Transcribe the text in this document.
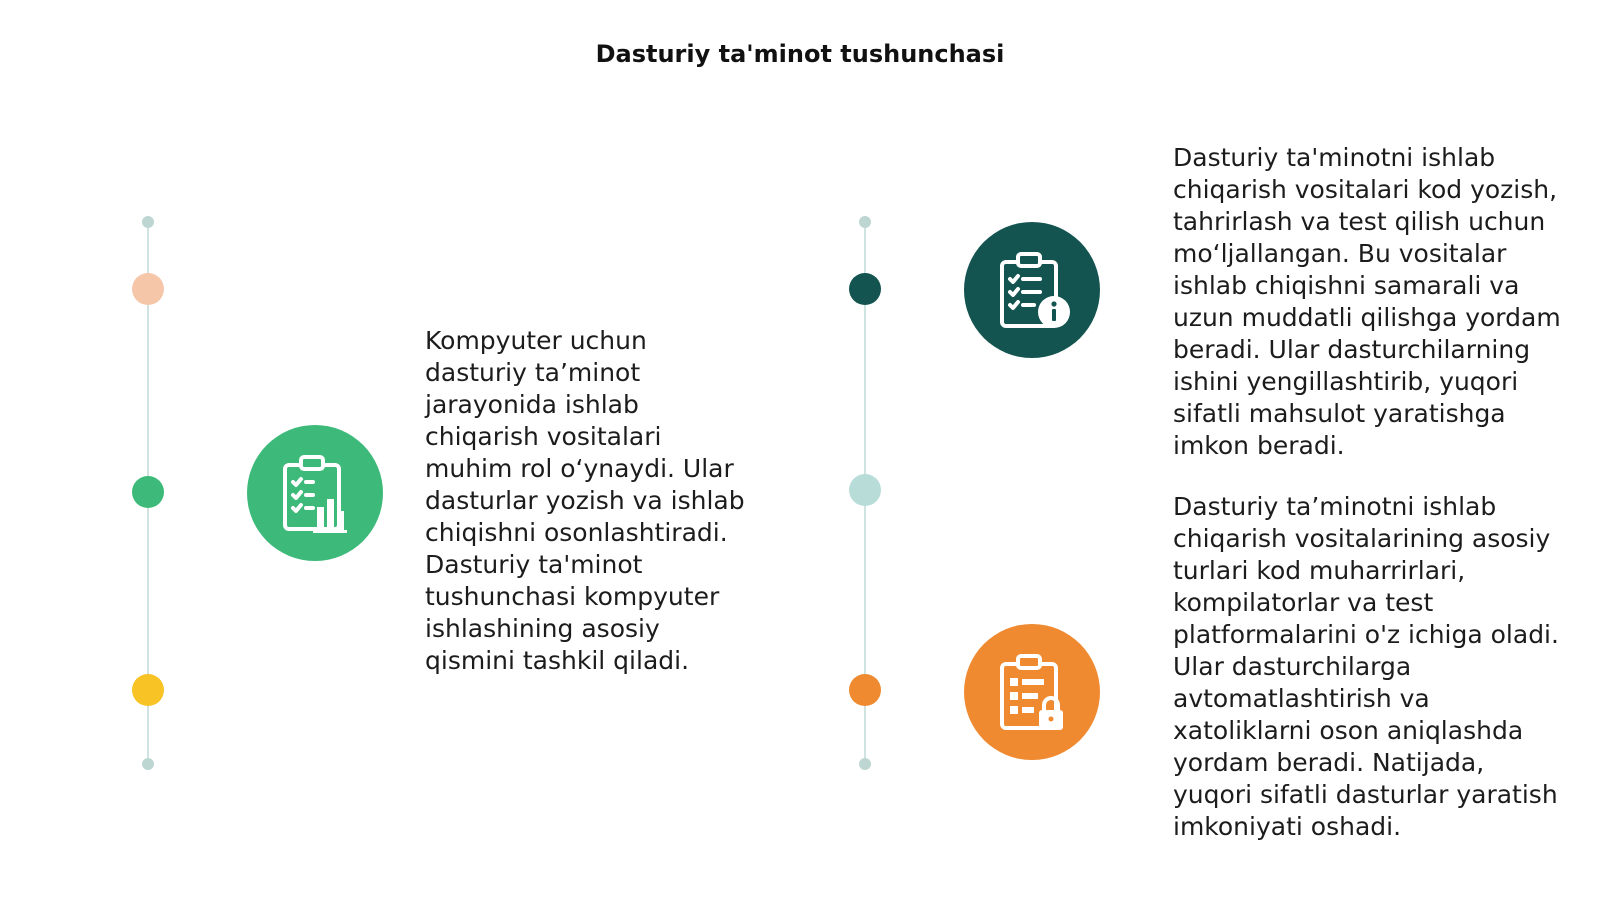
Dasturiy ta'minot tushunchasi

Kompyuter uchun dasturiy ta’minot jarayonida ishlab chiqarish vositalari muhim rol o‘ynaydi. Ular dasturlar yozish va ishlab chiqishni osonlashtiradi. Dasturiy ta'minot tushunchasi kompyuter ishlashining asosiy qismini tashkil qiladi.

Dasturiy ta'minotni ishlab chiqarish vositalari kod yozish, tahrirlash va test qilish uchun mo‘ljallangan. Bu vositalar ishlab chiqishni samarali va uzun muddatli qilishga yordam beradi. Ular dasturchilarning ishini yengillashtirib, yuqori sifatli mahsulot yaratishga imkon beradi.

Dasturiy ta’minotni ishlab chiqarish vositalarining asosiy turlari kod muharrirlari, kompilatorlar va test platformalarini o'z ichiga oladi. Ular dasturchilarga avtomatlashtirish va xatoliklarni oson aniqlashda yordam beradi. Natijada, yuqori sifatli dasturlar yaratish imkoniyati oshadi.
